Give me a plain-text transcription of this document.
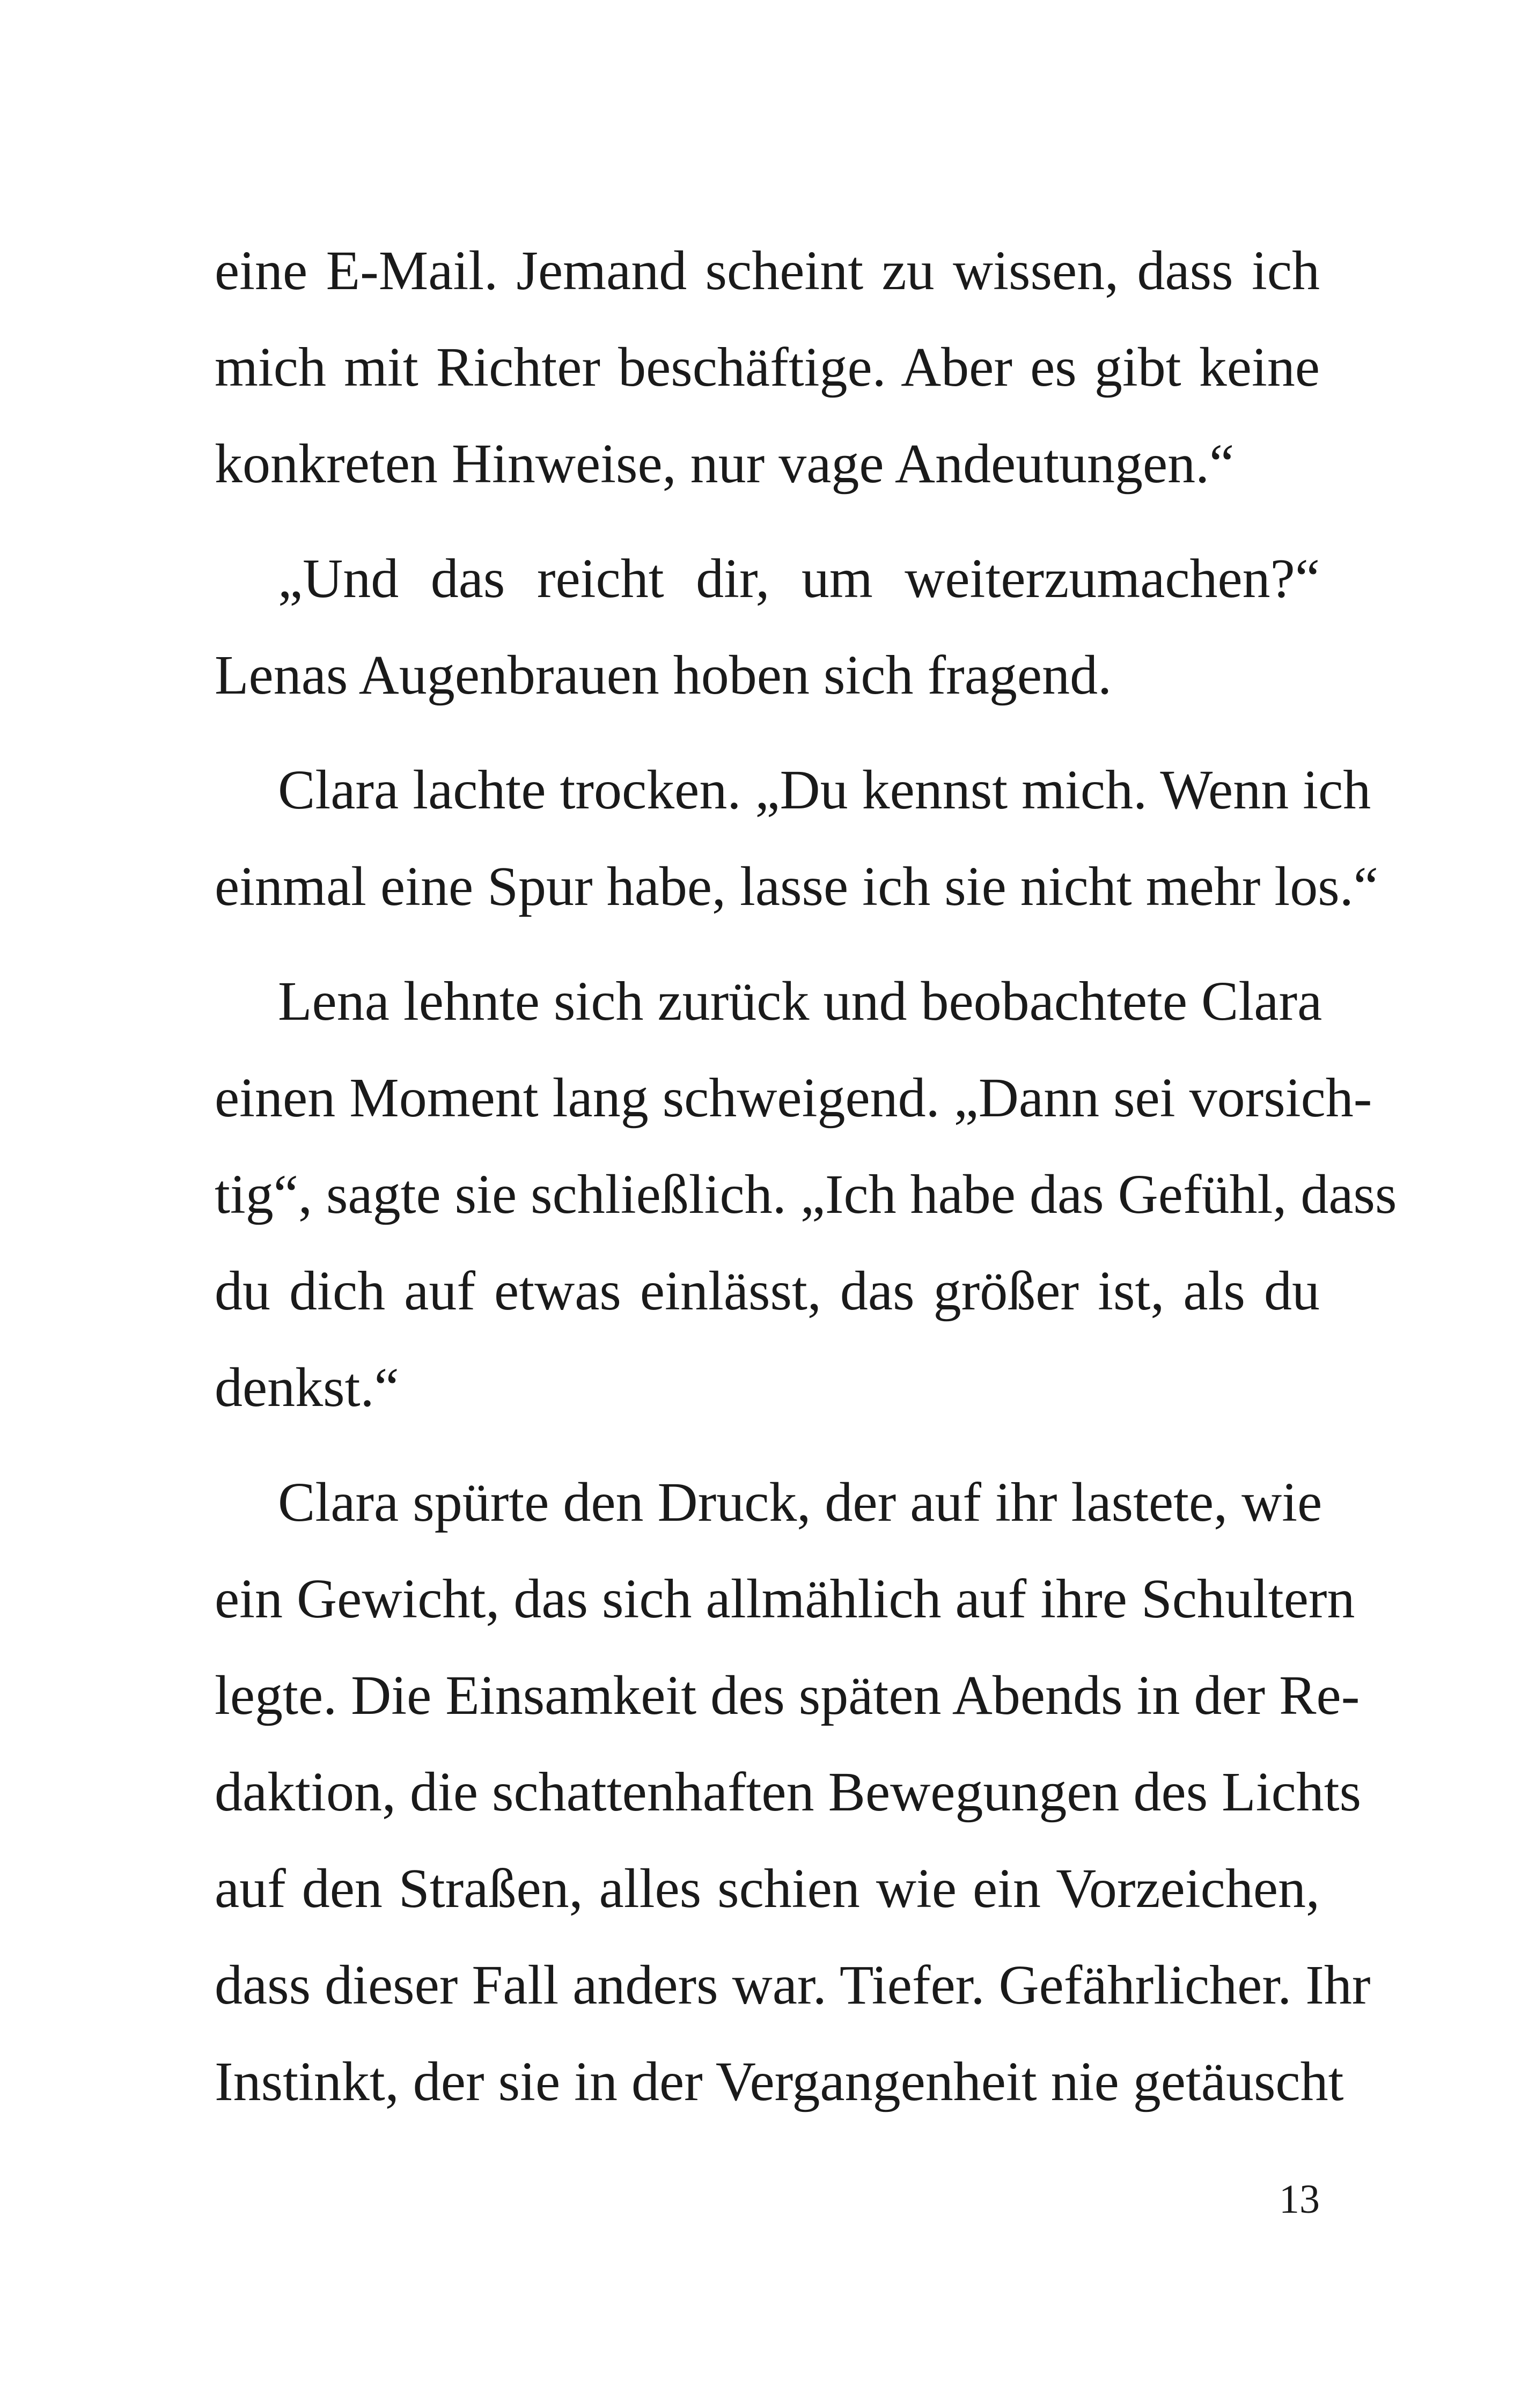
eine E-Mail. Jemand scheint zu wissen, dass ich
mich mit Richter beschäftige. Aber es gibt keine
konkreten Hinweise, nur vage Andeutungen.“
„Und das reicht dir, um weiterzumachen?“
Lenas Augenbrauen hoben sich fragend.
Clara lachte trocken. „Du kennst mich. Wenn ich
einmal eine Spur habe, lasse ich sie nicht mehr los.“
Lena lehnte sich zurück und beobachtete Clara
einen Moment lang schweigend. „Dann sei vorsich-
tig“, sagte sie schließlich. „Ich habe das Gefühl, dass
du dich auf etwas einlässt, das größer ist, als du
denkst.“
Clara spürte den Druck, der auf ihr lastete, wie
ein Gewicht, das sich allmählich auf ihre Schultern
legte. Die Einsamkeit des späten Abends in der Re-
daktion, die schattenhaften Bewegungen des Lichts
auf den Straßen, alles schien wie ein Vorzeichen,
dass dieser Fall anders war. Tiefer. Gefährlicher. Ihr
Instinkt, der sie in der Vergangenheit nie getäuscht
13
